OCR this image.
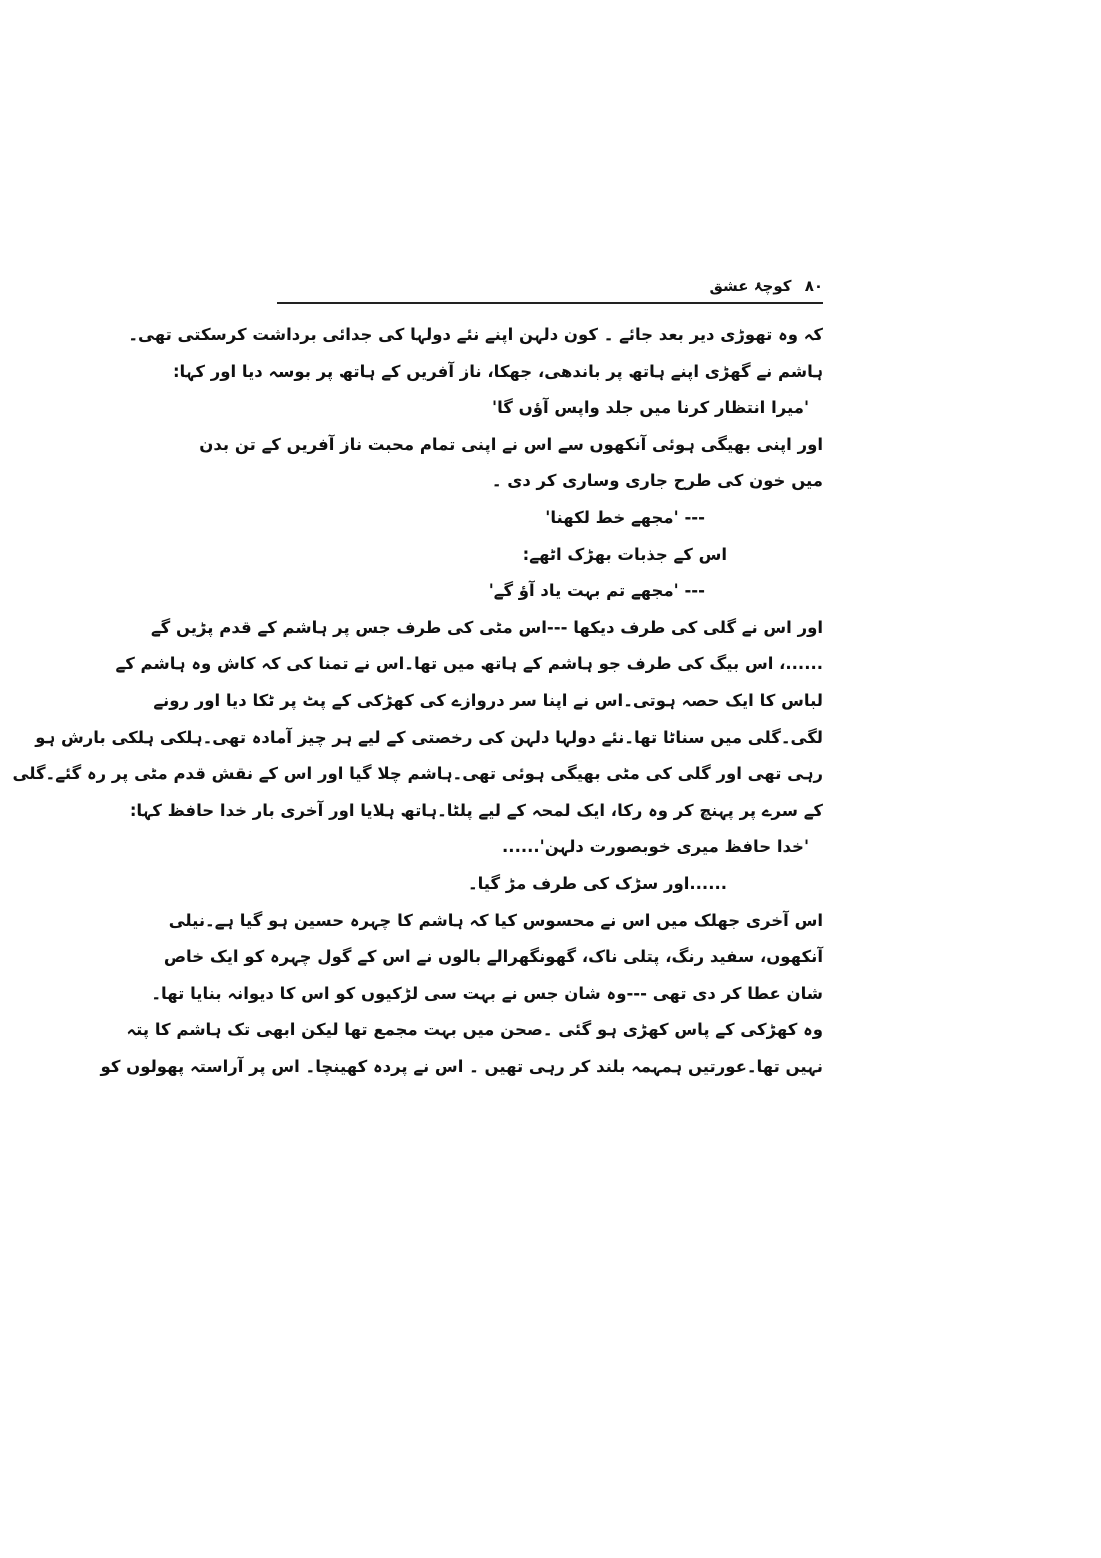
۸۰ کوچۂ عشق
کہ وہ تھوڑی دیر بعد جائے ۔ کون دلہن اپنے نئے دولہا کی جدائی برداشت کرسکتی تھی۔
ہاشم نے گھڑی اپنے ہاتھ پر باندھی، جھکا، ناز آفریں کے ہاتھ پر بوسہ دیا اور کہا:
'میرا انتظار کرنا میں جلد واپس آؤں گا'
اور اپنی بھیگی ہوئی آنکھوں سے اس نے اپنی تمام محبت ناز آفریں کے تن بدن
میں خون کی طرح جاری وساری کر دی ۔
--- 'مجھے خط لکھنا'
اس کے جذبات بھڑک اٹھے:
--- 'مجھے تم بہت یاد آؤ گے'
اور اس نے گلی کی طرف دیکھا ---اس مٹی کی طرف جس پر ہاشم کے قدم پڑیں گے
......، اس بیگ کی طرف جو ہاشم کے ہاتھ میں تھا۔اس نے تمنا کی کہ کاش وہ ہاشم کے
لباس کا ایک حصہ ہوتی۔اس نے اپنا سر دروازے کی کھڑکی کے پٹ پر ٹکا دیا اور رونے
لگی۔گلی میں سناٹا تھا۔نئے دولہا دلہن کی رخصتی کے لیے ہر چیز آمادہ تھی۔ہلکی ہلکی بارش ہو
رہی تھی اور گلی کی مٹی بھیگی ہوئی تھی۔ہاشم چلا گیا اور اس کے نقش قدم مٹی پر رہ گئے۔گلی
کے سرے پر پہنچ کر وہ رکا، ایک لمحہ کے لیے پلٹا۔ہاتھ ہلایا اور آخری بار خدا حافظ کہا:
'خدا حافظ میری خوبصورت دلہن'......
......اور سڑک کی طرف مڑ گیا۔
اس آخری جھلک میں اس نے محسوس کیا کہ ہاشم کا چہرہ حسین ہو گیا ہے۔نیلی
آنکھوں، سفید رنگ، پتلی ناک، گھونگھرالے بالوں نے اس کے گول چہرہ کو ایک خاص
شان عطا کر دی تھی ---وہ شان جس نے بہت سی لڑکیوں کو اس کا دیوانہ بنایا تھا۔
وہ کھڑکی کے پاس کھڑی ہو گئی ۔صحن میں بہت مجمع تھا لیکن ابھی تک ہاشم کا پتہ
نہیں تھا۔عورتیں ہمہمہ بلند کر رہی تھیں ۔ اس نے پردہ کھینچا۔ اس پر آراستہ پھولوں کو
